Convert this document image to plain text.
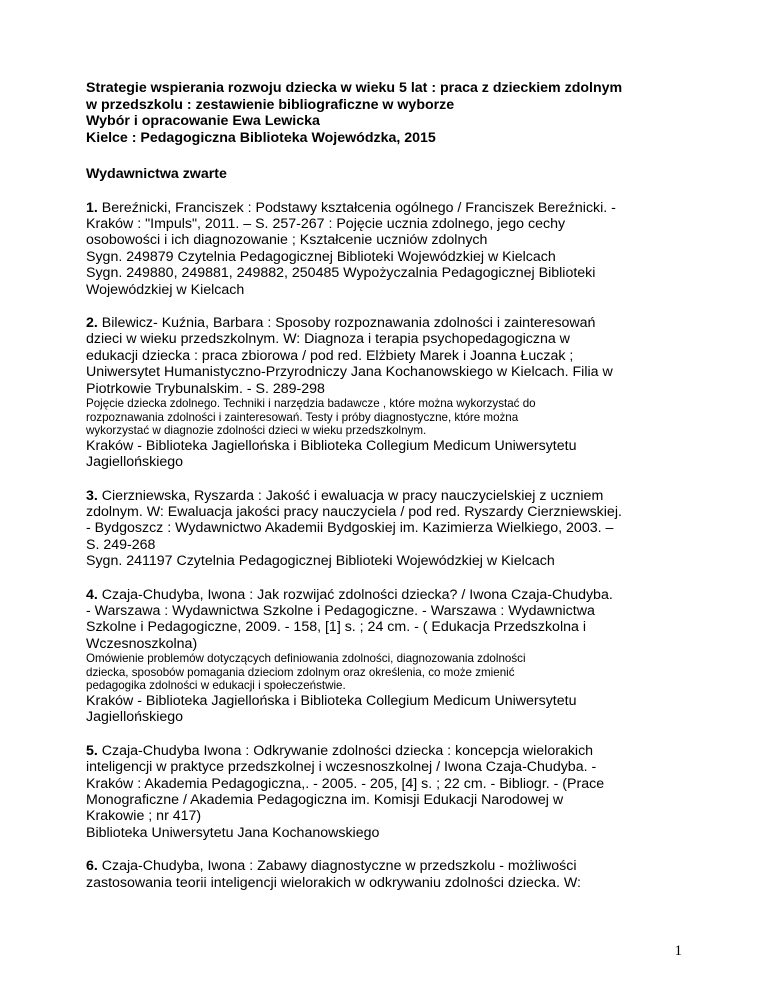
Strategie wspierania rozwoju dziecka w wieku 5 lat : praca z dzieckiem zdolnym
w przedszkolu : zestawienie bibliograficzne w wyborze
Wybór i opracowanie Ewa Lewicka
Kielce : Pedagogiczna Biblioteka Wojewódzka, 2015
Wydawnictwa zwarte
1. Bereźnicki, Franciszek : Podstawy kształcenia ogólnego / Franciszek Bereźnicki. -
Kraków : "Impuls", 2011. – S. 257-267 : Pojęcie ucznia zdolnego, jego cechy
osobowości i ich diagnozowanie ; Kształcenie uczniów zdolnych
Sygn. 249879 Czytelnia Pedagogicznej Biblioteki Wojewódzkiej w Kielcach
Sygn. 249880, 249881, 249882, 250485 Wypożyczalnia Pedagogicznej Biblioteki
Wojewódzkiej w Kielcach
2. Bilewicz- Kuźnia, Barbara : Sposoby rozpoznawania zdolności i zainteresowań
dzieci w wieku przedszkolnym. W: Diagnoza i terapia psychopedagogiczna w
edukacji dziecka : praca zbiorowa / pod red. Elżbiety Marek i Joanna Łuczak ;
Uniwersytet Humanistyczno-Przyrodniczy Jana Kochanowskiego w Kielcach. Filia w
Piotrkowie Trybunalskim. - S. 289-298
Pojęcie dziecka zdolnego. Techniki i narzędzia badawcze , które można wykorzystać do
rozpoznawania zdolności i zainteresowań. Testy i próby diagnostyczne, które można
wykorzystać w diagnozie zdolności dzieci w wieku przedszkolnym.
Kraków - Biblioteka Jagiellońska i Biblioteka Collegium Medicum Uniwersytetu
Jagiellońskiego
3. Cierzniewska, Ryszarda : Jakość i ewaluacja w pracy nauczycielskiej z uczniem
zdolnym. W: Ewaluacja jakości pracy nauczyciela / pod red. Ryszardy Cierzniewskiej.
- Bydgoszcz : Wydawnictwo Akademii Bydgoskiej im. Kazimierza Wielkiego, 2003. –
S. 249-268
Sygn. 241197 Czytelnia Pedagogicznej Biblioteki Wojewódzkiej w Kielcach
4. Czaja-Chudyba, Iwona : Jak rozwijać zdolności dziecka? / Iwona Czaja-Chudyba.
- Warszawa : Wydawnictwa Szkolne i Pedagogiczne. - Warszawa : Wydawnictwa
Szkolne i Pedagogiczne, 2009. - 158, [1] s. ; 24 cm. - ( Edukacja Przedszkolna i
Wczesnoszkolna)
Omówienie problemów dotyczących definiowania zdolności, diagnozowania zdolności
dziecka, sposobów pomagania dzieciom zdolnym oraz określenia, co może zmienić
pedagogika zdolności w edukacji i społeczeństwie.
Kraków - Biblioteka Jagiellońska i Biblioteka Collegium Medicum Uniwersytetu
Jagiellońskiego
5. Czaja-Chudyba Iwona : Odkrywanie zdolności dziecka : koncepcja wielorakich
inteligencji w praktyce przedszkolnej i wczesnoszkolnej / Iwona Czaja-Chudyba. -
Kraków : Akademia Pedagogiczna,. - 2005. - 205, [4] s. ; 22 cm. - Bibliogr. - (Prace
Monograficzne / Akademia Pedagogiczna im. Komisji Edukacji Narodowej w
Krakowie ; nr 417)
Biblioteka Uniwersytetu Jana Kochanowskiego
6. Czaja-Chudyba, Iwona : Zabawy diagnostyczne w przedszkolu - możliwości
zastosowania teorii inteligencji wielorakich w odkrywaniu zdolności dziecka. W:
1
